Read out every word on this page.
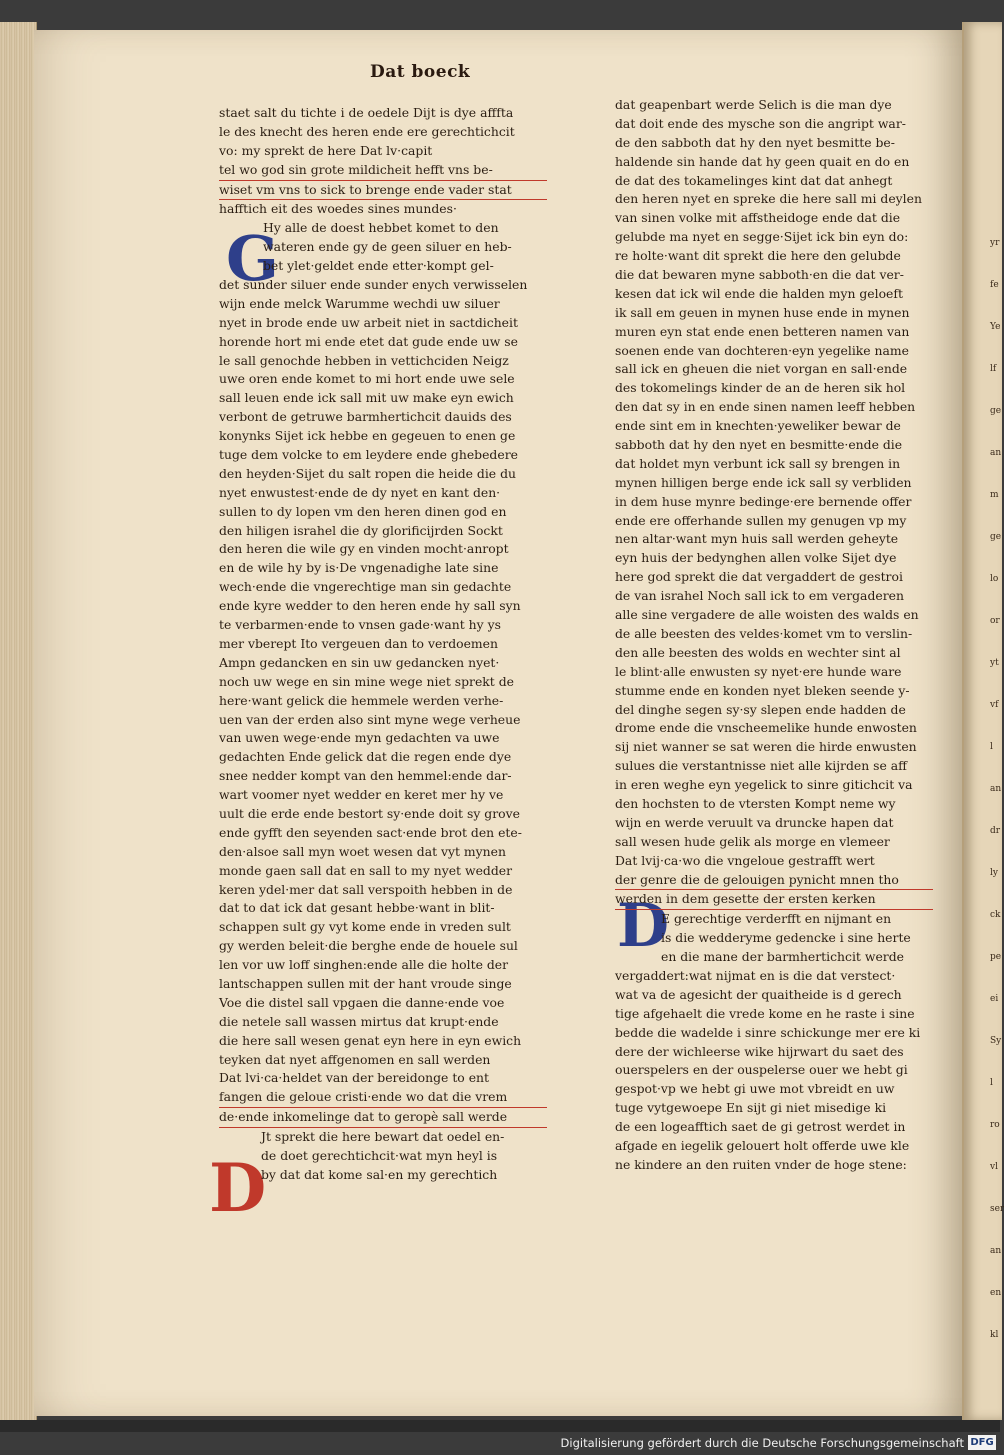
yr
fe
Ye
lf
ge
an
m
ge
lo
or
yt
vf
l
an
dr
ly
ck
pe
ei
Sy
l
ro
vl
ser
an
en
kl
Dat boeck
G
D
D
staet salt du tichte i de oedele Dijt is dye afffta
le des knecht des heren ende ere gerechtichcit
vo: my sprekt de here Dat lv·capit
tel wo god sin grote mildicheit hefft vns be-
wiset vm vns to sick to brenge ende vader stat
hafftich eit des woedes sines mundes·
Hy alle de doest hebbet komet to den
wateren ende gy de geen siluer en heb-
bet ylet·geldet ende etter·kompt gel-
det sunder siluer ende sunder enych verwisselen
wijn ende melck Warumme wechdi uw siluer
nyet in brode ende uw arbeit niet in sactdicheit
horende hort mi ende etet dat gude ende uw se
le sall genochde hebben in vettichciden Neigz
uwe oren ende komet to mi hort ende uwe sele
sall leuen ende ick sall mit uw make eyn ewich
verbont de getruwe barmhertichcit dauids des
konynks Sijet ick hebbe en gegeuen to enen ge
tuge dem volcke to em leydere ende ghebedere
den heyden·Sijet du salt ropen die heide die du
nyet enwustest·ende de dy nyet en kant den·
sullen to dy lopen vm den heren dinen god en
den hiligen israhel die dy glorificijrden Sockt
den heren die wile gy en vinden mocht·anropt
en de wile hy by is·De vngenadighe late sine
wech·ende die vngerechtige man sin gedachte
ende kyre wedder to den heren ende hy sall syn
te verbarmen·ende to vnsen gade·want hy ys
mer vberept Ito vergeuen dan to verdoemen
Ampn gedancken en sin uw gedancken nyet·
noch uw wege en sin mine wege niet sprekt de
here·want gelick die hemmele werden verhe-
uen van der erden also sint myne wege verheue
van uwen wege·ende myn gedachten va uwe
gedachten Ende gelick dat die regen ende dye
snee nedder kompt van den hemmel:ende dar-
wart voomer nyet wedder en keret mer hy ve
uult die erde ende bestort sy·ende doit sy grove
ende gyfft den seyenden sact·ende brot den ete-
den·alsoe sall myn woet wesen dat vyt mynen
monde gaen sall dat en sall to my nyet wedder
keren ydel·mer dat sall verspoith hebben in de
dat to dat ick dat gesant hebbe·want in blit-
schappen sult gy vyt kome ende in vreden sult
gy werden beleit·die berghe ende de houele sul
len vor uw loff singhen:ende alle die holte der
lantschappen sullen mit der hant vroude singe
Voe die distel sall vpgaen die danne·ende voe
die netele sall wassen mirtus dat krupt·ende
die here sall wesen genat eyn here in eyn ewich
teyken dat nyet affgenomen en sall werden
Dat lvi·ca·heldet van der bereidonge to ent
fangen die geloue cristi·ende wo dat die vrem
de·ende inkomelinge dat to geropè sall werde
Jt sprekt die here bewart dat oedel en-
de doet gerechtichcit·wat myn heyl is
by dat dat kome sal·en my gerechtich
dat geapenbart werde Selich is die man dye
dat doit ende des mysche son die angript war-
de den sabboth dat hy den nyet besmitte be-
haldende sin hande dat hy geen quait en do en
de dat des tokamelinges kint dat dat anhegt
den heren nyet en spreke die here sall mi deylen
van sinen volke mit affstheidoge ende dat die
gelubde ma nyet en segge·Sijet ick bin eyn do:
re holte·want dit sprekt die here den gelubde
die dat bewaren myne sabboth·en die dat ver-
kesen dat ick wil ende die halden myn geloeft
ik sall em geuen in mynen huse ende in mynen
muren eyn stat ende enen betteren namen van
soenen ende van dochteren·eyn yegelike name
sall ick en gheuen die niet vorgan en sall·ende
des tokomelings kinder de an de heren sik hol
den dat sy in en ende sinen namen leeff hebben
ende sint em in knechten·yeweliker bewar de
sabboth dat hy den nyet en besmitte·ende die
dat holdet myn verbunt ick sall sy brengen in
mynen hilligen berge ende ick sall sy verbliden
in dem huse mynre bedinge·ere bernende offer
ende ere offerhande sullen my genugen vp my
nen altar·want myn huis sall werden geheyte
eyn huis der bedynghen allen volke Sijet dye
here god sprekt die dat vergaddert de gestroi
de van israhel Noch sall ick to em vergaderen
alle sine vergadere de alle woisten des walds en
de alle beesten des veldes·komet vm to verslin-
den alle beesten des wolds en wechter sint al
le blint·alle enwusten sy nyet·ere hunde ware
stumme ende en konden nyet bleken seende y-
del dinghe segen sy·sy slepen ende hadden de
drome ende die vnscheemelike hunde enwosten
sij niet wanner se sat weren die hirde enwusten
sulues die verstantnisse niet alle kijrden se aff
in eren weghe eyn yegelick to sinre gitichcit va
den hochsten to de vtersten Kompt neme wy
wijn en werde veruult va druncke hapen dat
sall wesen hude gelik als morge en vlemeer
Dat lvij·ca·wo die vngeloue gestrafft wert
der genre die de gelouigen pynicht mnen tho
werden in dem gesette der ersten kerken
E gerechtige verderfft en nijmant en
is die wedderyme gedencke i sine herte
en die mane der barmhertichcit werde
vergaddert:wat nijmat en is die dat verstect·
wat va de agesicht der quaitheide is d gerech
tige afgehaelt die vrede kome en he raste i sine
bedde die wadelde i sinre schickunge mer ere ki
dere der wichleerse wike hijrwart du saet des
ouerspelers en der ouspelerse ouer we hebt gi
gespot·vp we hebt gi uwe mot vbreidt en uw
tuge vytgewoepe En sijt gi niet misedige ki
de een logeafftich saet de gi getrost werdet in
afgade en iegelik gelouert holt offerde uwe kle
ne kindere an den ruiten vnder de hoge stene:
Digitalisierung gefördert durch die Deutsche Forschungsgemeinschaft DFG
